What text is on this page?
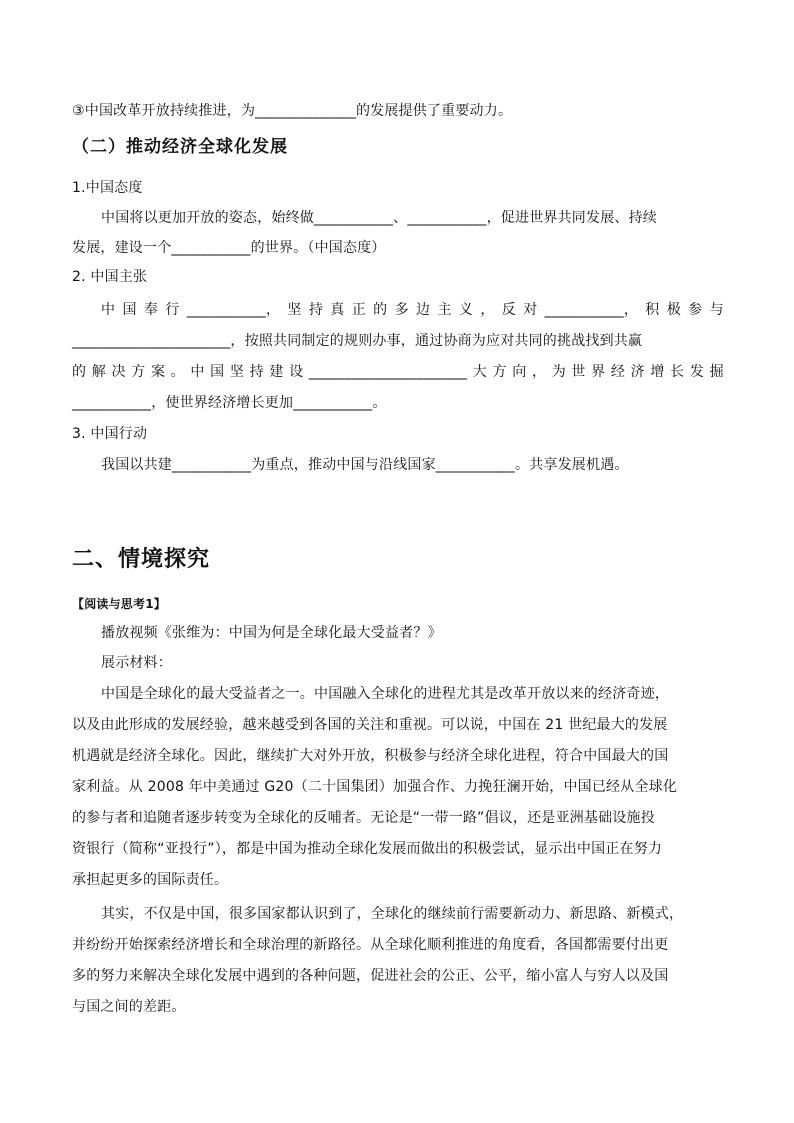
③中国改革开放持续推进，为______________的发展提供了重要动力。
（二）推动经济全球化发展
1.中国态度
中国将以更加开放的姿态，始终做___________、___________，促进世界共同发展、持续
发展，建设一个___________的世界。（中国态度）
2. 中国主张
中 国 奉 行 ___________， 坚 持 真 正 的 多 边 主 义 ， 反 对 ___________， 积 极 参 与
______________________，按照共同制定的规则办事，通过协商为应对共同的挑战找到共赢
的 解 决 方 案 。 中 国 坚 持 建 设 ______________________ 大 方 向 ， 为 世 界 经 济 增 长 发 掘
___________，使世界经济增长更加___________。
3. 中国行动
我国以共建___________为重点，推动中国与沿线国家___________。共享发展机遇。
二、情境探究
【阅读与思考1】
播放视频《张维为：中国为何是全球化最大受益者？》
展示材料：
中国是全球化的最大受益者之一。中国融入全球化的进程尤其是改革开放以来的经济奇迹，
以及由此形成的发展经验，越来越受到各国的关注和重视。可以说，中国在 21 世纪最大的发展
机遇就是经济全球化。因此，继续扩大对外开放，积极参与经济全球化进程，符合中国最大的国
家利益。从 2008 年中美通过 G20（二十国集团）加强合作、力挽狂澜开始，中国已经从全球化
的参与者和追随者逐步转变为全球化的反哺者。无论是“一带一路”倡议，还是亚洲基础设施投
资银行（简称“亚投行”），都是中国为推动全球化发展而做出的积极尝试，显示出中国正在努力
承担起更多的国际责任。
其实，不仅是中国，很多国家都认识到了，全球化的继续前行需要新动力、新思路、新模式，
并纷纷开始探索经济增长和全球治理的新路径。从全球化顺利推进的角度看，各国都需要付出更
多的努力来解决全球化发展中遇到的各种问题，促进社会的公正、公平，缩小富人与穷人以及国
与国之间的差距。
